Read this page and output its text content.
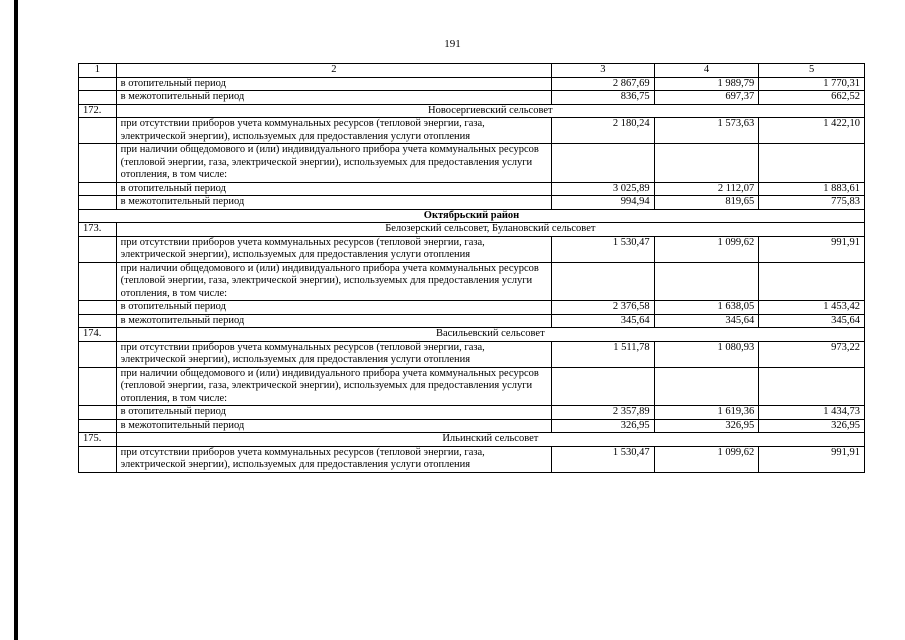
191
1	2	3	4	5
	в отопительный период	2 867,69	1 989,79	1 770,31
	в межотопительный период	836,75	697,37	662,52
172.	Новосергиевский сельсовет			
	при отсутствии приборов учета коммунальных ресурсов (тепловой энергии, газа, электрической энергии), используемых для предоставления услуги отопления	2 180,24	1 573,63	1 422,10
	при наличии общедомового и (или) индивидуального прибора учета коммунальных ресурсов (тепловой энергии, газа, электрической энергии), используемых для предоставления услуги отопления, в том числе:			
	в отопительный период	3 025,89	2 112,07	1 883,61
	в межотопительный период	994,94	819,65	775,83
Октябрьский район				
173.	Белозерский сельсовет, Булановский сельсовет			
	при отсутствии приборов учета коммунальных ресурсов (тепловой энергии, газа, электрической энергии), используемых для предоставления услуги отопления	1 530,47	1 099,62	991,91
	при наличии общедомового и (или) индивидуального прибора учета коммунальных ресурсов (тепловой энергии, газа, электрической энергии), используемых для предоставления услуги отопления, в том числе:			
	в отопительный период	2 376,58	1 638,05	1 453,42
	в межотопительный период	345,64	345,64	345,64
174.	Васильевский сельсовет			
	при отсутствии приборов учета коммунальных ресурсов (тепловой энергии, газа, электрической энергии), используемых для предоставления услуги отопления	1 511,78	1 080,93	973,22
	при наличии общедомового и (или) индивидуального прибора учета коммунальных ресурсов (тепловой энергии, газа, электрической энергии), используемых для предоставления услуги отопления, в том числе:			
	в отопительный период	2 357,89	1 619,36	1 434,73
	в межотопительный период	326,95	326,95	326,95
175.	Ильинский сельсовет			
	при отсутствии приборов учета коммунальных ресурсов (тепловой энергии, газа, электрической энергии), используемых для предоставления услуги отопления	1 530,47	1 099,62	991,91
